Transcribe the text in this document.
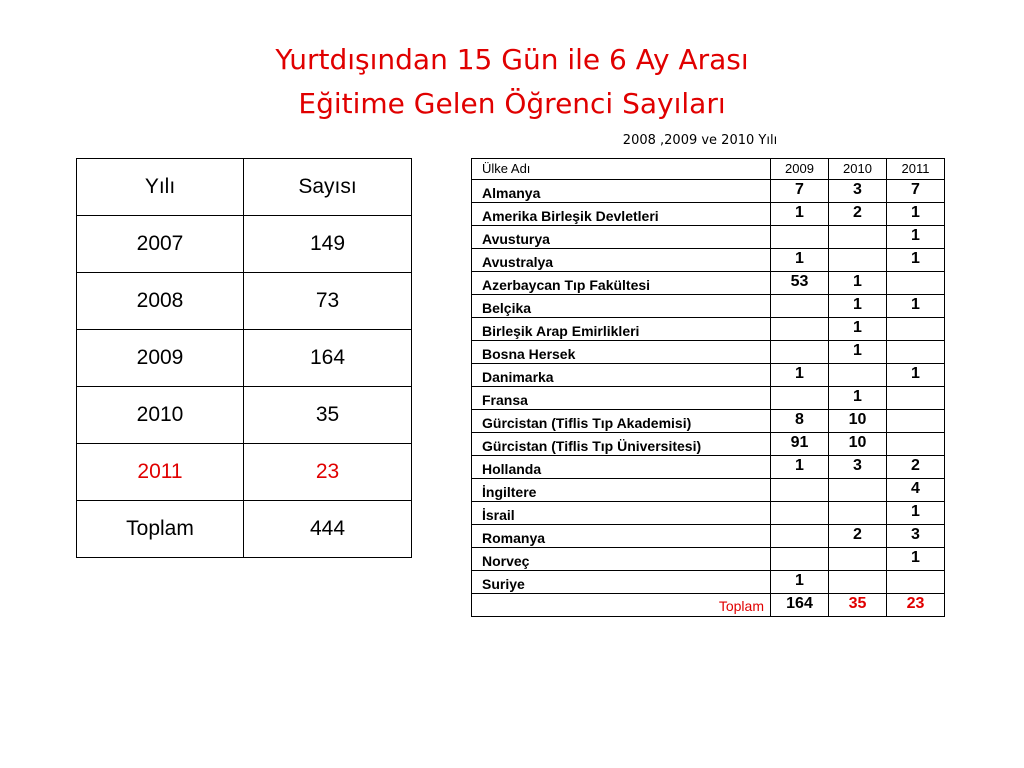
Yurtdışından 15 Gün ile 6 Ay Arası
Eğitime Gelen Öğrenci Sayıları
2008 ,2009 ve 2010 Yılı
Yılı	Sayısı
2007	149
2008	73
2009	164
2010	35
2011	23
Toplam	444
Ülke Adı	2009	2010	2011
Almanya	7	3	7
Amerika Birleşik Devletleri	1	2	1
Avusturya			1
Avustralya	1		1
Azerbaycan Tıp Fakültesi	53	1	
Belçika		1	1
Birleşik Arap Emirlikleri		1	
Bosna Hersek		1	
Danimarka	1		1
Fransa		1	
Gürcistan (Tiflis Tıp Akademisi)	8	10	
Gürcistan (Tiflis Tıp Üniversitesi)	91	10	
Hollanda	1	3	2
İngiltere			4
İsrail			1
Romanya		2	3
Norveç			1
Suriye	1		
Toplam	164	35	23
